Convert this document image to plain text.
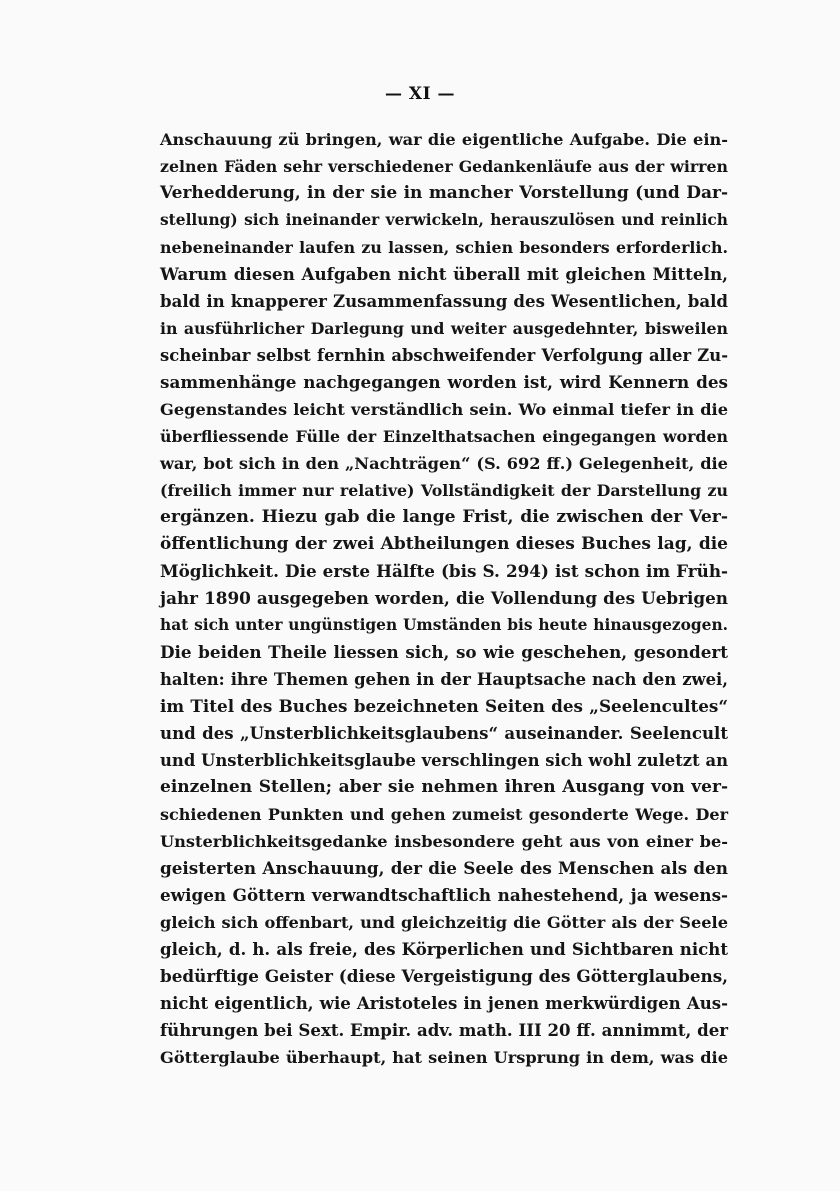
— XI —
Anschauung zü bringen, war die eigentliche Aufgabe. Die ein-
zelnen Fäden sehr verschiedener Gedankenläufe aus der wirren
Verhedderung, in der sie in mancher Vorstellung (und Dar-
stellung) sich ineinander verwickeln, herauszulösen und reinlich
nebeneinander laufen zu lassen, schien besonders erforderlich.
Warum diesen Aufgaben nicht überall mit gleichen Mitteln,
bald in knapperer Zusammenfassung des Wesentlichen, bald
in ausführlicher Darlegung und weiter ausgedehnter, bisweilen
scheinbar selbst fernhin abschweifender Verfolgung aller Zu-
sammenhänge nachgegangen worden ist, wird Kennern des
Gegenstandes leicht verständlich sein. Wo einmal tiefer in die
überfliessende Fülle der Einzelthatsachen eingegangen worden
war, bot sich in den „Nachträgen“ (S. 692 ff.) Gelegenheit, die
(freilich immer nur relative) Vollständigkeit der Darstellung zu
ergänzen. Hiezu gab die lange Frist, die zwischen der Ver-
öffentlichung der zwei Abtheilungen dieses Buches lag, die
Möglichkeit. Die erste Hälfte (bis S. 294) ist schon im Früh-
jahr 1890 ausgegeben worden, die Vollendung des Uebrigen
hat sich unter ungünstigen Umständen bis heute hinausgezogen.
Die beiden Theile liessen sich, so wie geschehen, gesondert
halten: ihre Themen gehen in der Hauptsache nach den zwei,
im Titel des Buches bezeichneten Seiten des „Seelencultes“
und des „Unsterblichkeitsglaubens“ auseinander. Seelencult
und Unsterblichkeitsglaube verschlingen sich wohl zuletzt an
einzelnen Stellen; aber sie nehmen ihren Ausgang von ver-
schiedenen Punkten und gehen zumeist gesonderte Wege. Der
Unsterblichkeitsgedanke insbesondere geht aus von einer be-
geisterten Anschauung, der die Seele des Menschen als den
ewigen Göttern verwandtschaftlich nahestehend, ja wesens-
gleich sich offenbart, und gleichzeitig die Götter als der Seele
gleich, d. h. als freie, des Körperlichen und Sichtbaren nicht
bedürftige Geister (diese Vergeistigung des Götterglaubens,
nicht eigentlich, wie Aristoteles in jenen merkwürdigen Aus-
führungen bei Sext. Empir. adv. math. III 20 ff. annimmt, der
Götterglaube überhaupt, hat seinen Ursprung in dem, was die
